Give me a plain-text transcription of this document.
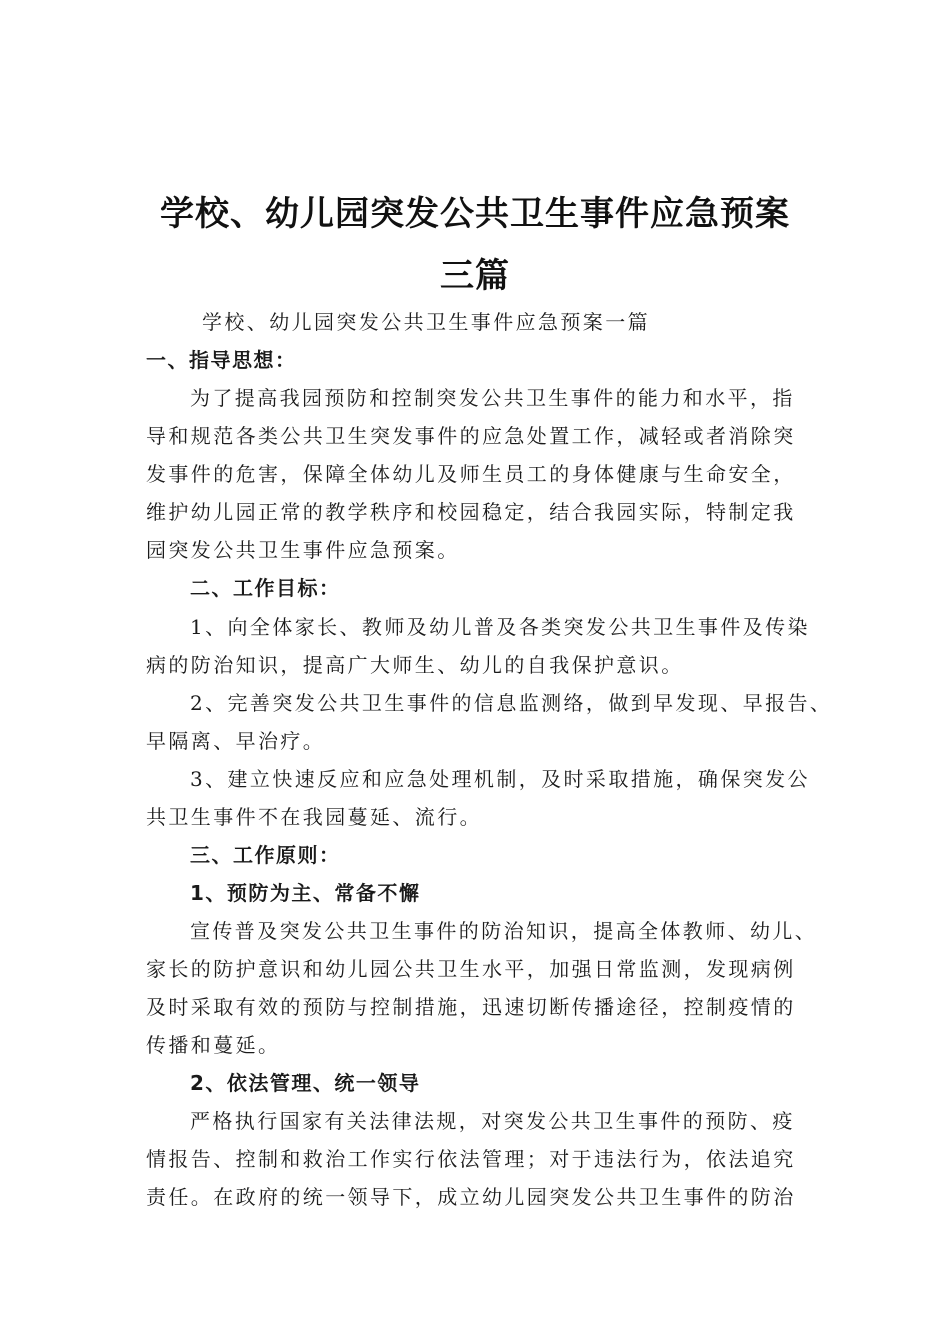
学校、幼儿园突发公共卫生事件应急预案
三篇
学校、幼儿园突发公共卫生事件应急预案一篇
一、指导思想：
为了提高我园预防和控制突发公共卫生事件的能力和水平，指
导和规范各类公共卫生突发事件的应急处置工作，减轻或者消除突
发事件的危害，保障全体幼儿及师生员工的身体健康与生命安全，
维护幼儿园正常的教学秩序和校园稳定，结合我园实际，特制定我
园突发公共卫生事件应急预案。
二、工作目标：
1、向全体家长、教师及幼儿普及各类突发公共卫生事件及传染
病的防治知识，提高广大师生、幼儿的自我保护意识。
2、完善突发公共卫生事件的信息监测络，做到早发现、早报告、
早隔离、早治疗。
3、建立快速反应和应急处理机制，及时采取措施，确保突发公
共卫生事件不在我园蔓延、流行。
三、工作原则：
1、预防为主、常备不懈
宣传普及突发公共卫生事件的防治知识，提高全体教师、幼儿、
家长的防护意识和幼儿园公共卫生水平，加强日常监测，发现病例
及时采取有效的预防与控制措施，迅速切断传播途径，控制疫情的
传播和蔓延。
2、依法管理、统一领导
严格执行国家有关法律法规，对突发公共卫生事件的预防、疫
情报告、控制和救治工作实行依法管理；对于违法行为，依法追究
责任。在政府的统一领导下，成立幼儿园突发公共卫生事件的防治
